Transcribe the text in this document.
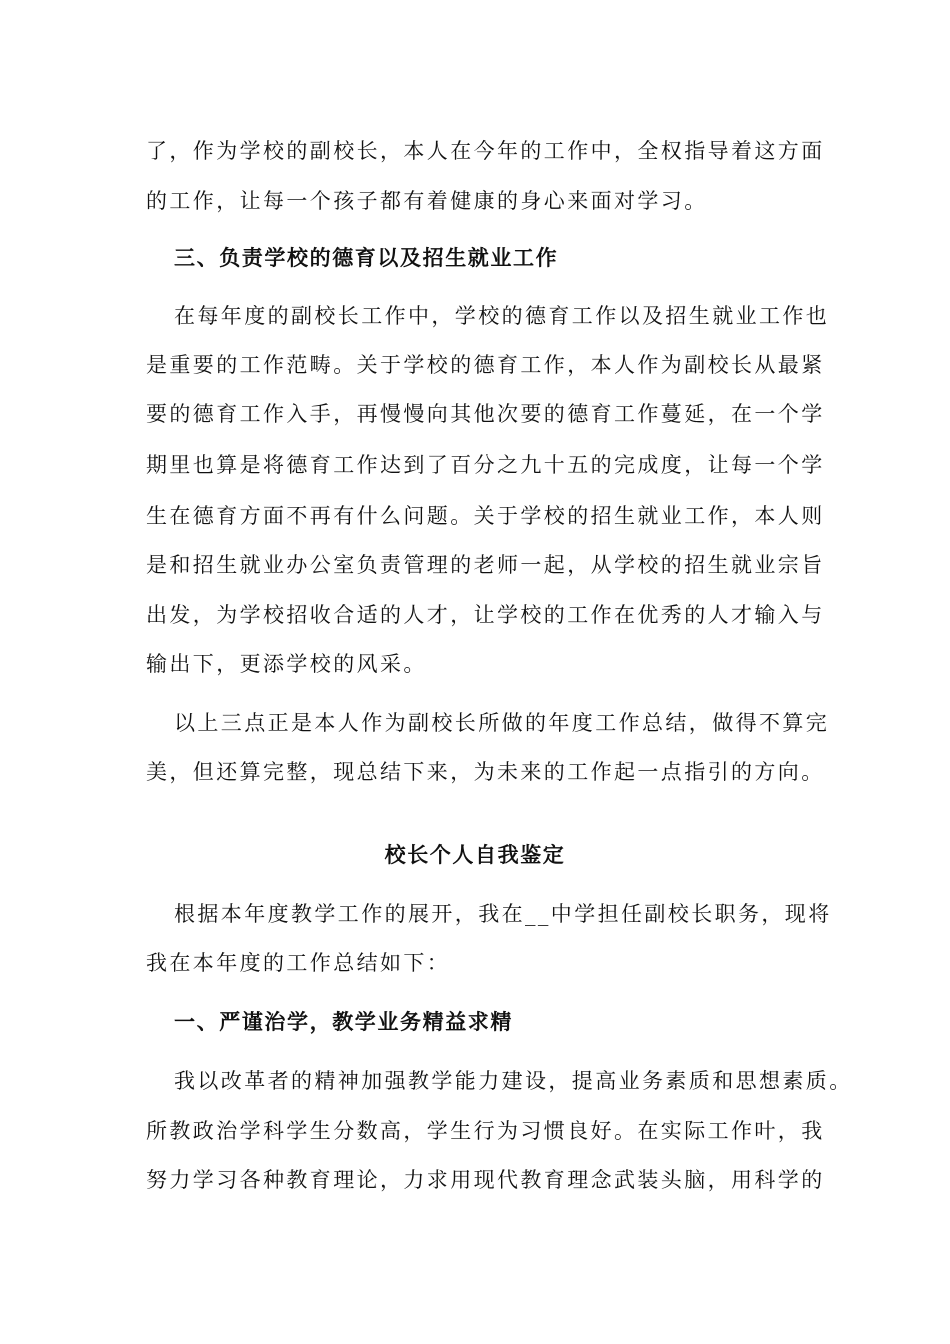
了，作为学校的副校长，本人在今年的工作中，全权指导着这方面
的工作，让每一个孩子都有着健康的身心来面对学习。
三、负责学校的德育以及招生就业工作
在每年度的副校长工作中，学校的德育工作以及招生就业工作也
是重要的工作范畴。关于学校的德育工作，本人作为副校长从最紧
要的德育工作入手，再慢慢向其他次要的德育工作蔓延，在一个学
期里也算是将德育工作达到了百分之九十五的完成度，让每一个学
生在德育方面不再有什么问题。关于学校的招生就业工作，本人则
是和招生就业办公室负责管理的老师一起，从学校的招生就业宗旨
出发，为学校招收合适的人才，让学校的工作在优秀的人才输入与
输出下，更添学校的风采。
以上三点正是本人作为副校长所做的年度工作总结，做得不算完
美，但还算完整，现总结下来，为未来的工作起一点指引的方向。
校长个人自我鉴定
根据本年度教学工作的展开，我在__中学担任副校长职务，现将
我在本年度的工作总结如下：
一、严谨治学，教学业务精益求精
我以改革者的精神加强教学能力建设，提高业务素质和思想素质。
所教政治学科学生分数高，学生行为习惯良好。在实际工作叶，我
努力学习各种教育理论，力求用现代教育理念武装头脑，用科学的
